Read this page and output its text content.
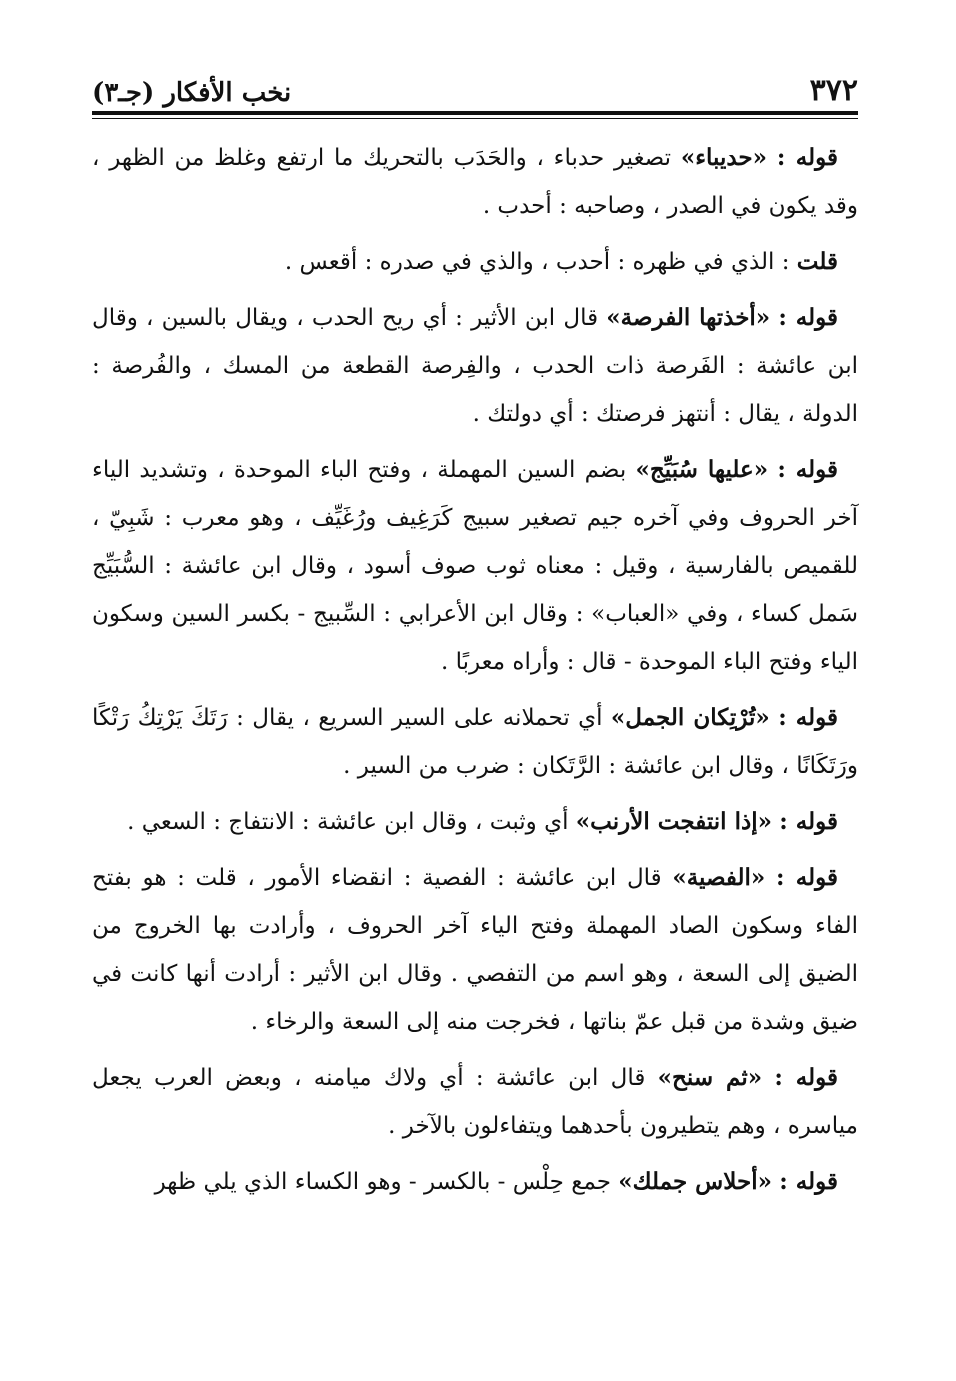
٣٧٢
نخب الأفكار (جـ٣)

قوله : «حديباء» تصغير حدباء ، والحَدَب بالتحريك ما ارتفع وغلظ من الظهر ، وقد يكون في الصدر ، وصاحبه : أحدب .

قلت : الذي في ظهره : أحدب ، والذي في صدره : أقعس .

قوله : «أخذتها الفرصة» قال ابن الأثير : أي ريح الحدب ، ويقال بالسين ، وقال ابن عائشة : الفَرصة ذات الحدب ، والفِرصة القطعة من المسك ، والفُرصة : الدولة ، يقال : أنتهز فرصتك : أي دولتك .

قوله : «عليها سُبَيِّج» بضم السين المهملة ، وفتح الباء الموحدة ، وتشديد الياء آخر الحروف وفي آخره جيم تصغير سبيج كَرَغِيف ورُغَيِّف ، وهو معرب : شَبِيّ ، للقميص بالفارسية ، وقيل : معناه ثوب صوف أسود ، وقال ابن عائشة : السُّبَيِّج سَمل كساء ، وفي «العباب» : وقال ابن الأعرابي : السِّبيج - بكسر السين وسكون الياء وفتح الباء الموحدة - قال : وأراه معربًا .

قوله : «تُرْتِكان الجمل» أي تحملانه على السير السريع ، يقال : رَتَكَ يَرْتِكُ رَتْكًا ورَتَكَانًا ، وقال ابن عائشة : الرَّتَكان : ضرب من السير .

قوله : «إذا انتفجت الأرنب» أي وثبت ، وقال ابن عائشة : الانتفاج : السعي .

قوله : «الفصية» قال ابن عائشة : الفصية : انقضاء الأمور ، قلت : هو بفتح الفاء وسكون الصاد المهملة وفتح الياء آخر الحروف ، وأرادت بها الخروج من الضيق إلى السعة ، وهو اسم من التفصي . وقال ابن الأثير : أرادت أنها كانت في ضيق وشدة من قبل عمّ بناتها ، فخرجت منه إلى السعة والرخاء .

قوله : «ثم سنح» قال ابن عائشة : أي ولاك ميامنه ، وبعض العرب يجعل مياسره ، وهم يتطيرون بأحدهما ويتفاءلون بالآخر .

قوله : «أحلاس جملك» جمع حِلْس - بالكسر - وهو الكساء الذي يلي ظهر
